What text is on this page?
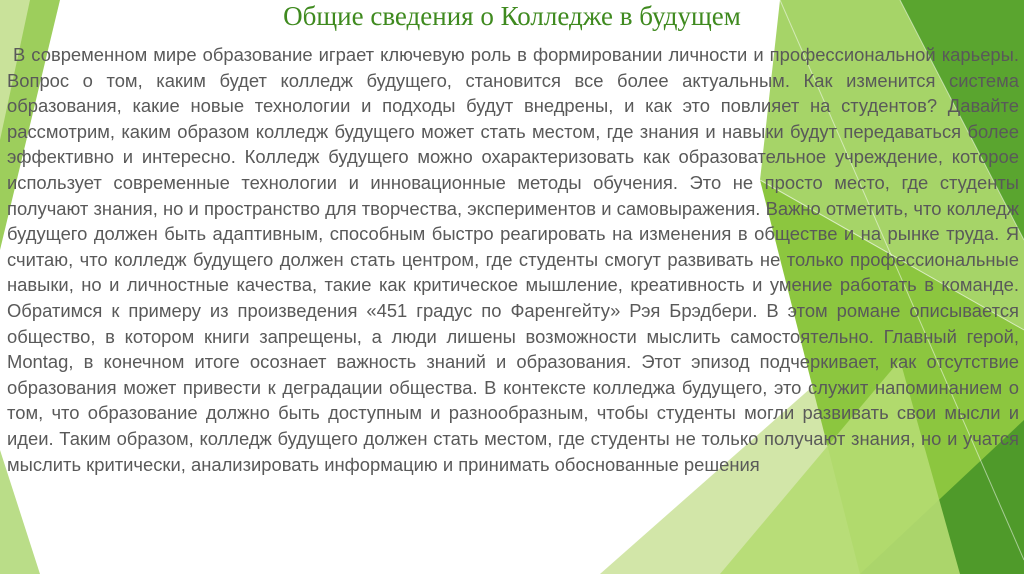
Общие сведения о Колледже в будущем

В современном мире образование играет ключевую роль в формировании личности и профессиональной карьеры. Вопрос о том, каким будет колледж будущего, становится все более актуальным. Как изменится система образования, какие новые технологии и подходы будут внедрены, и как это повлияет на студентов? Давайте рассмотрим, каким образом колледж будущего может стать местом, где знания и навыки будут передаваться более эффективно и интересно. Колледж будущего можно охарактеризовать как образовательное учреждение, которое использует современные технологии и инновационные методы обучения. Это не просто место, где студенты получают знания, но и пространство для творчества, экспериментов и самовыражения. Важно отметить, что колледж будущего должен быть адаптивным, способным быстро реагировать на изменения в обществе и на рынке труда. Я считаю, что колледж будущего должен стать центром, где студенты смогут развивать не только профессиональные навыки, но и личностные качества, такие как критическое мышление, креативность и умение работать в команде. Обратимся к примеру из произведения «451 градус по Фаренгейту» Рэя Брэдбери. В этом романе описывается общество, в котором книги запрещены, а люди лишены возможности мыслить самостоятельно. Главный герой, Montag, в конечном итоге осознает важность знаний и образования. Этот эпизод подчеркивает, как отсутствие образования может привести к деградации общества. В контексте колледжа будущего, это служит напоминанием о том, что образование должно быть доступным и разнообразным, чтобы студенты могли развивать свои мысли и идеи. Таким образом, колледж будущего должен стать местом, где студенты не только получают знания, но и учатся мыслить критически, анализировать информацию и принимать обоснованные решения
